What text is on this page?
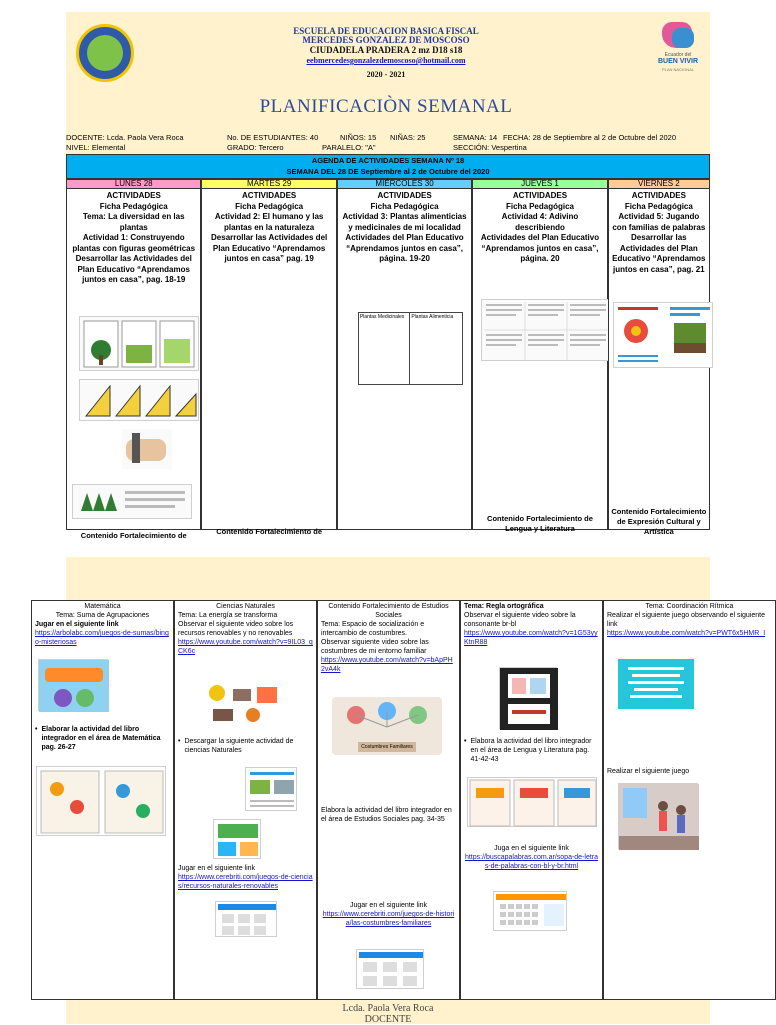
Ecuador del
BUEN VIVIR
PLAN NACIONAL
ESCUELA DE EDUCACION BASICA FISCAL
MERCEDES GONZALEZ DE MOSCOSO
CIUDADELA PRADERA 2 mz D18 s18
eebmercedesgonzalezdemoscoso@hotmail.com
2020 - 2021
PLANIFICACIÒN SEMANAL
DOCENTE: Lcda. Paola Vera Roca
NIVEL: Elemental
No. DE ESTUDIANTES: 40	NIÑOS: 15 NIÑAS: 25
GRADO: Tercero	PARALELO: "A"
SEMANA: 14 FECHA: 28 de Septiembre al 2 de Octubre del 2020
SECCIÓN: Vespertina
AGENDA DE ACTIVIDADES SEMANA Nº 18
SEMANA DEL 28 DE Septiembre al 2 de Octubre del 2020
LUNES 28	MARTES 29	MIÉRCOLES 30	JUEVES 1	VIERNES 2
ACTIVIDADES
Ficha Pedagógica
Tema: La diversidad en las plantas
Actividad 1: Construyendo plantas con figuras geométricas
Desarrollar las Actividades del Plan Educativo “Aprendamos juntos en casa”, pag. 18-19
Contenido Fortalecimiento de
ACTIVIDADES
Ficha Pedagógica
Actividad 2: El humano y las plantas en la naturaleza
Desarrollar las Actividades del Plan Educativo “Aprendamos juntos en casa” pag. 19
Contenido Fortalecimiento de
ACTIVIDADES
Ficha Pedagógica
Actividad 3: Plantas alimenticias y medicinales de mi localidad
Actividades del Plan Educativo “Aprendamos juntos en casa”, página. 19-20
Plantas Medicinales	Plantas Alimenticia
ACTIVIDADES
Ficha Pedagógica
Actividad 4: Adivino describiendo
Actividades del Plan Educativo “Aprendamos juntos en casa”, página. 20
Contenido Fortalecimiento de Lengua y Literatura
ACTIVIDADES
Ficha Pedagógica
Actividad 5: Jugando con familias de palabras
Desarrollar las Actividades del Plan Educativo “Aprendamos juntos en casa”, pag. 21
Contenido Fortalecimiento de Expresión Cultural y Artística
Matemática
Tema: Suma de Agrupaciones
Jugar en el siguiente link
https://arbolabc.com/juegos-de-sumas/bingo-misteriosas
• Elaborar la actividad del libro integrador en el área de Matemática pag. 26-27
Ciencias Naturales
Tema: La energía se transforma
Observar el siguiente video sobre los recursos renovables y no renovables
https://www.youtube.com/watch?v=9IL03_qCK6c
• Descargar la siguiente actividad de ciencias Naturales
Jugar en el siguiente link
https://www.cerebriti.com/juegos-de-ciencias/recursos-naturales-renovables
Contenido Fortalecimiento de Estudios Sociales
Tema: Espacio de socialización e intercambio de costumbres.
Observar siguiente video sobre las costumbres de mi entorno familiar
https://www.youtube.com/watch?v=bApPH2vA4k
Costumbres Familiares
Elabora la actividad del libro integrador en el área de Estudios Sociales pag. 34-35
Jugar en el siguiente link
https://www.cerebriti.com/juegos-de-historia/las-costumbres-familiares
Tema: Regla ortográfica
Observar el siguiente video sobre la consonante br-bl
https://www.youtube.com/watch?v=1G53yyKtnR88
• Elabora la actividad del libro integrador en el área de Lengua y Literatura pag. 41-42-43
Juga en el siguiente link
https://buscapalabras.com.ar/sopa-de-letras-de-palabras-con-bl-y-br.html
Tema: Coordinación Rítmica
Realizar el siguiente juego observando el siguiente link
https://www.youtube.com/watch?v=PWT6x5HMR_I
Realizar el siguiente juego
Lcda. Paola Vera Roca
DOCENTE
